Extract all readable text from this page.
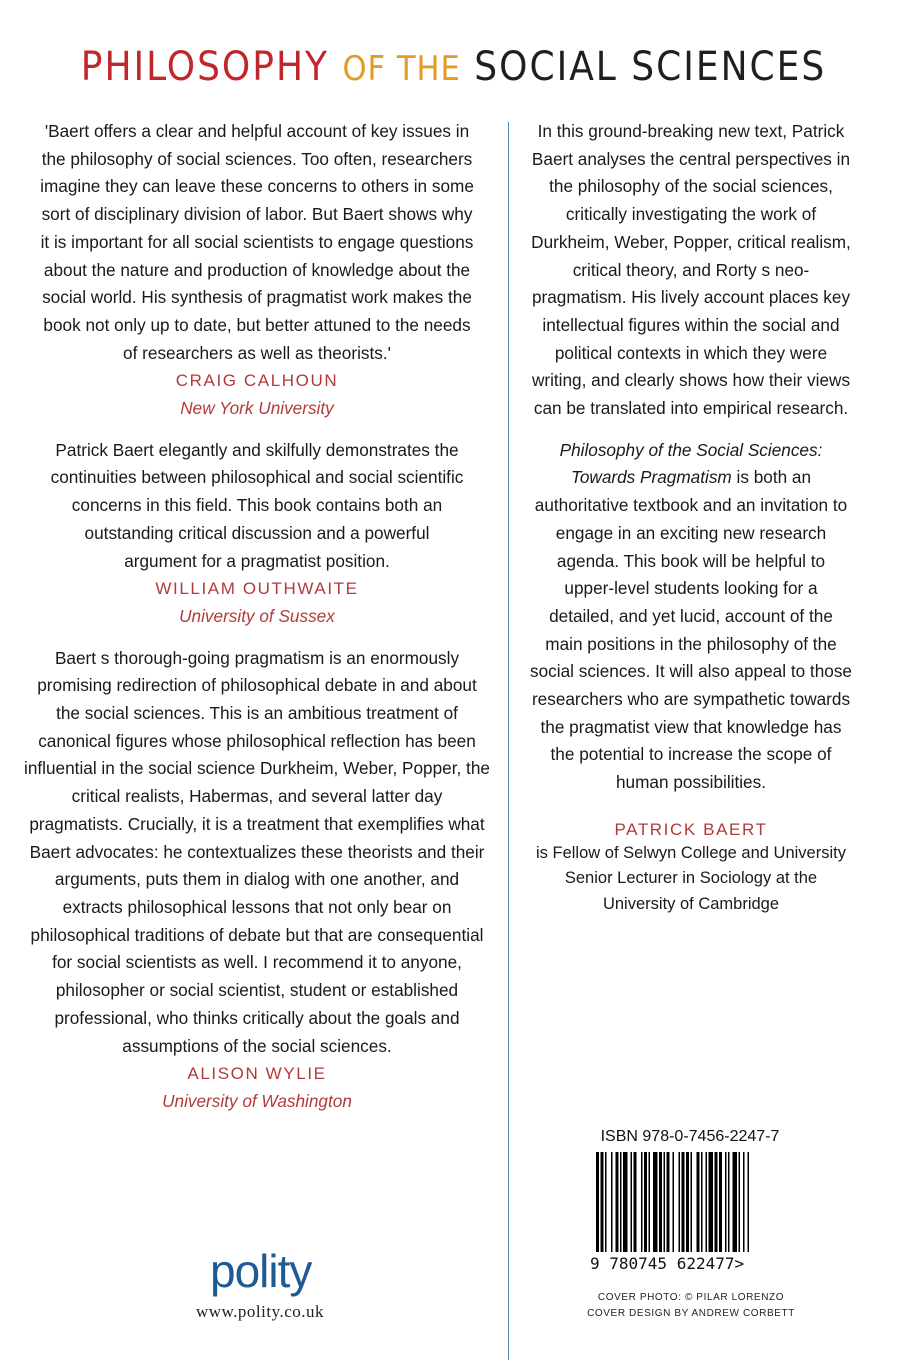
PHILOSOPHY OF THE SOCIAL SCIENCES

'Baert offers a clear and helpful account of key issues in the philosophy of social sciences. Too often, researchers imagine they can leave these concerns to others in some sort of disciplinary division of labor. But Baert shows why it is important for all social scientists to engage questions about the nature and production of knowledge about the social world. His synthesis of pragmatist work makes the book not only up to date, but better attuned to the needs of researchers as well as theorists.'

CRAIG CALHOUN

New York University

Patrick Baert elegantly and skilfully demonstrates the continuities between philosophical and social scientific concerns in this field. This book contains both an outstanding critical discussion and a powerful argument for a pragmatist position.

WILLIAM OUTHWAITE

University of Sussex

Baert s thorough-going pragmatism is an enormously promising redirection of philosophical debate in and about the social sciences. This is an ambitious treatment of canonical figures whose philosophical reflection has been influential in the social science Durkheim, Weber, Popper, the critical realists, Habermas, and several latter day pragmatists. Crucially, it is a treatment that exemplifies what Baert advocates: he contextualizes these theorists and their arguments, puts them in dialog with one another, and extracts philosophical lessons that not only bear on philosophical traditions of debate but that are consequential for social scientists as well. I recommend it to anyone, philosopher or social scientist, student or established professional, who thinks critically about the goals and assumptions of the social sciences.

ALISON WYLIE

University of Washington

In this ground-breaking new text, Patrick Baert analyses the central perspectives in the philosophy of the social sciences, critically investigating the work of Durkheim, Weber, Popper, critical realism, critical theory, and Rorty s neo-pragmatism. His lively account places key intellectual figures within the social and political contexts in which they were writing, and clearly shows how their views can be translated into empirical research.

Philosophy of the Social Sciences: Towards Pragmatism is both an authoritative textbook and an invitation to engage in an exciting new research agenda. This book will be helpful to upper-level students looking for a detailed, and yet lucid, account of the main positions in the philosophy of the social sciences. It will also appeal to those researchers who are sympathetic towards the pragmatist view that knowledge has the potential to increase the scope of human possibilities.

PATRICK BAERT

is Fellow of Selwyn College and University Senior Lecturer in Sociology at the University of Cambridge

polity
www.polity.co.uk
ISBN 978-0-7456-2247-7
9 780745 622477>
COVER PHOTO: © PILAR LORENZO
COVER DESIGN BY ANDREW CORBETT
